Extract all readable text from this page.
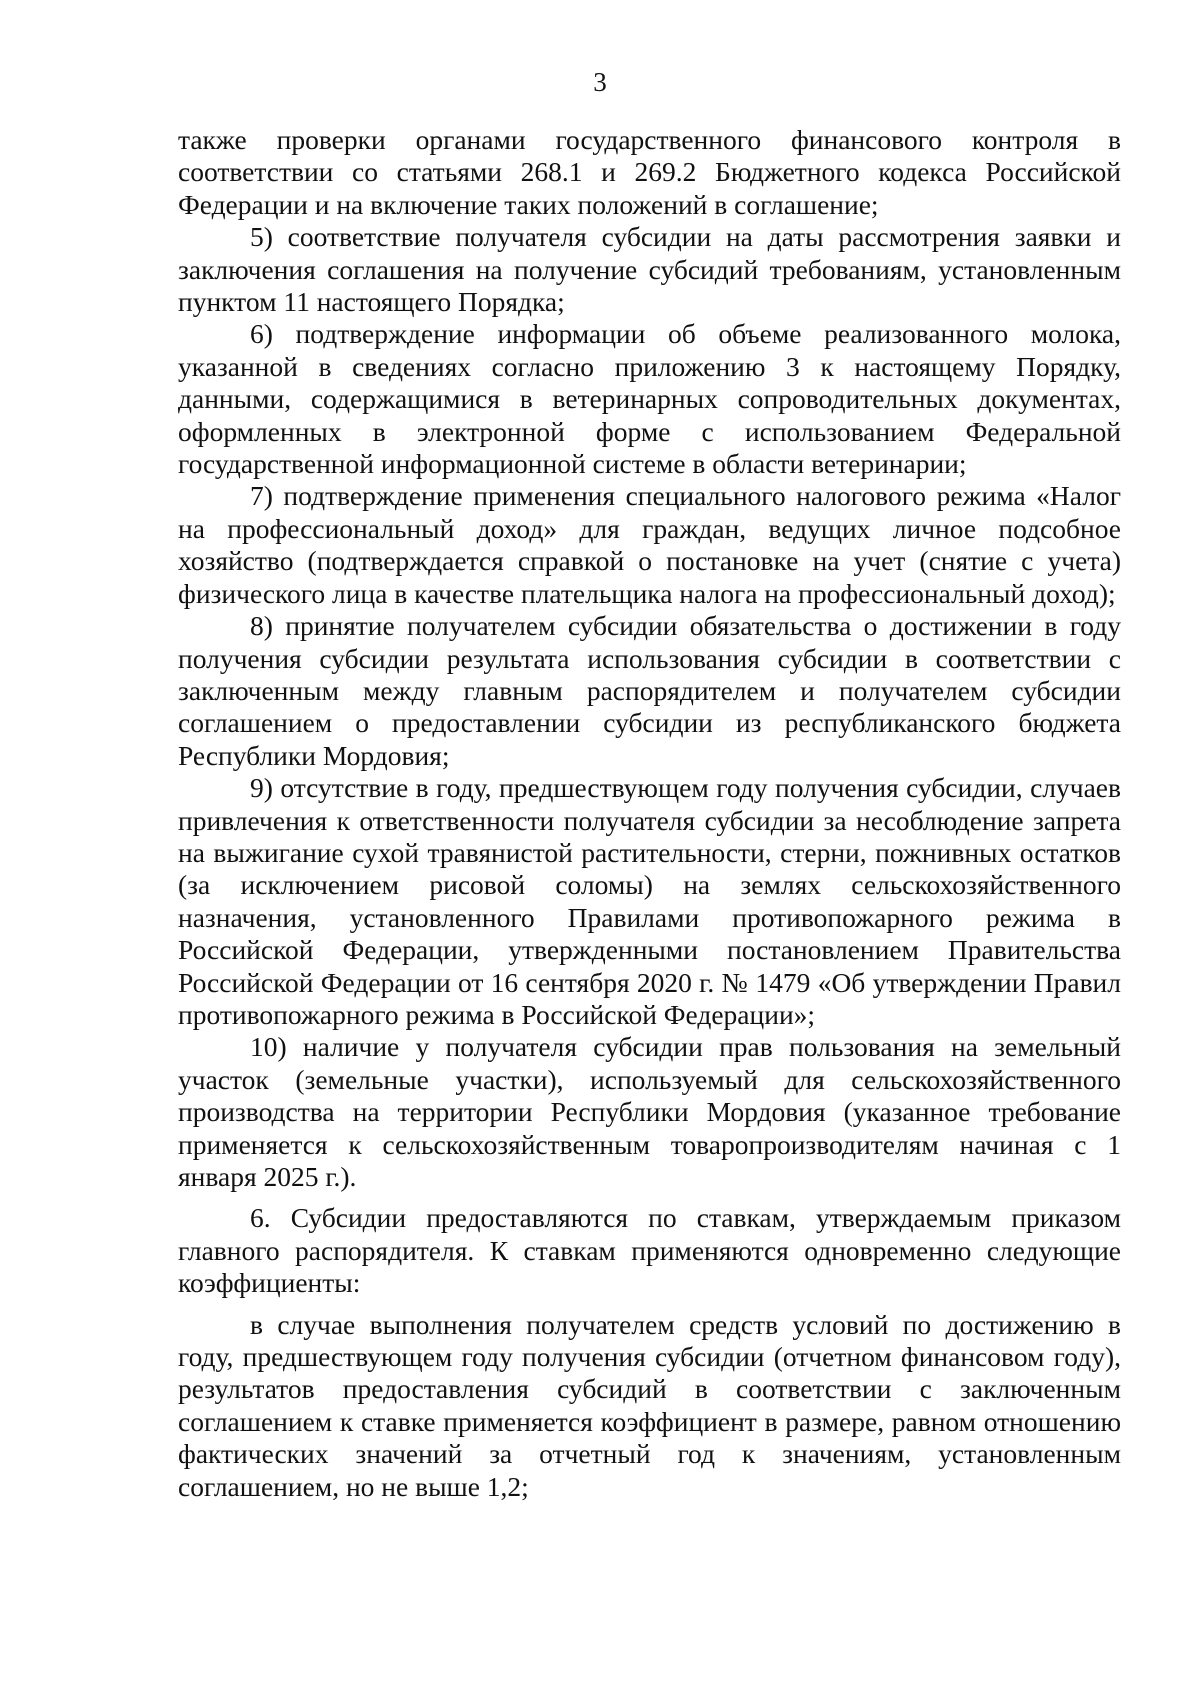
3

также проверки органами государственного финансового контроля в соответствии со статьями 268.1 и 269.2 Бюджетного кодекса Российской Федерации и на включение таких положений в соглашение;

5) соответствие получателя субсидии на даты рассмотрения заявки и заключения соглашения на получение субсидий требованиям, установленным пунктом 11 настоящего Порядка;

6) подтверждение информации об объеме реализованного молока, указанной в сведениях согласно приложению 3 к настоящему Порядку, данными, содержащимися в ветеринарных сопроводительных документах, оформленных в электронной форме с использованием Федеральной государственной информационной системе в области ветеринарии;

7) подтверждение применения специального налогового режима «Налог на профессиональный доход» для граждан, ведущих личное подсобное хозяйство (подтверждается справкой о постановке на учет (снятие с учета) физического лица в качестве плательщика налога на профессиональный доход);

8) принятие получателем субсидии обязательства о достижении в году получения субсидии результата использования субсидии в соответствии с заключенным между главным распорядителем и получателем субсидии соглашением о предоставлении субсидии из республиканского бюджета Республики Мордовия;

9) отсутствие в году, предшествующем году получения субсидии, случаев привлечения к ответственности получателя субсидии за несоблюдение запрета на выжигание сухой травянистой растительности, стерни, пожнивных остатков (за исключением рисовой соломы) на землях сельскохозяйственного назначения, установленного Правилами противопожарного режима в Российской Федерации, утвержденными постановлением Правительства Российской Федерации от 16 сентября 2020 г. № 1479 «Об утверждении Правил противопожарного режима в Российской Федерации»;

10) наличие у получателя субсидии прав пользования на земельный участок (земельные участки), используемый для сельскохозяйственного производства на территории Республики Мордовия (указанное требование применяется к сельскохозяйственным товаропроизводителям начиная с 1 января 2025 г.).

6. Субсидии предоставляются по ставкам, утверждаемым приказом главного распорядителя. К ставкам применяются одновременно следующие коэффициенты:

в случае выполнения получателем средств условий по достижению в году, предшествующем году получения субсидии (отчетном финансовом году), результатов предоставления субсидий в соответствии с заключенным соглашением к ставке применяется коэффициент в размере, равном отношению фактических значений за отчетный год к значениям, установленным соглашением, но не выше 1,2;
